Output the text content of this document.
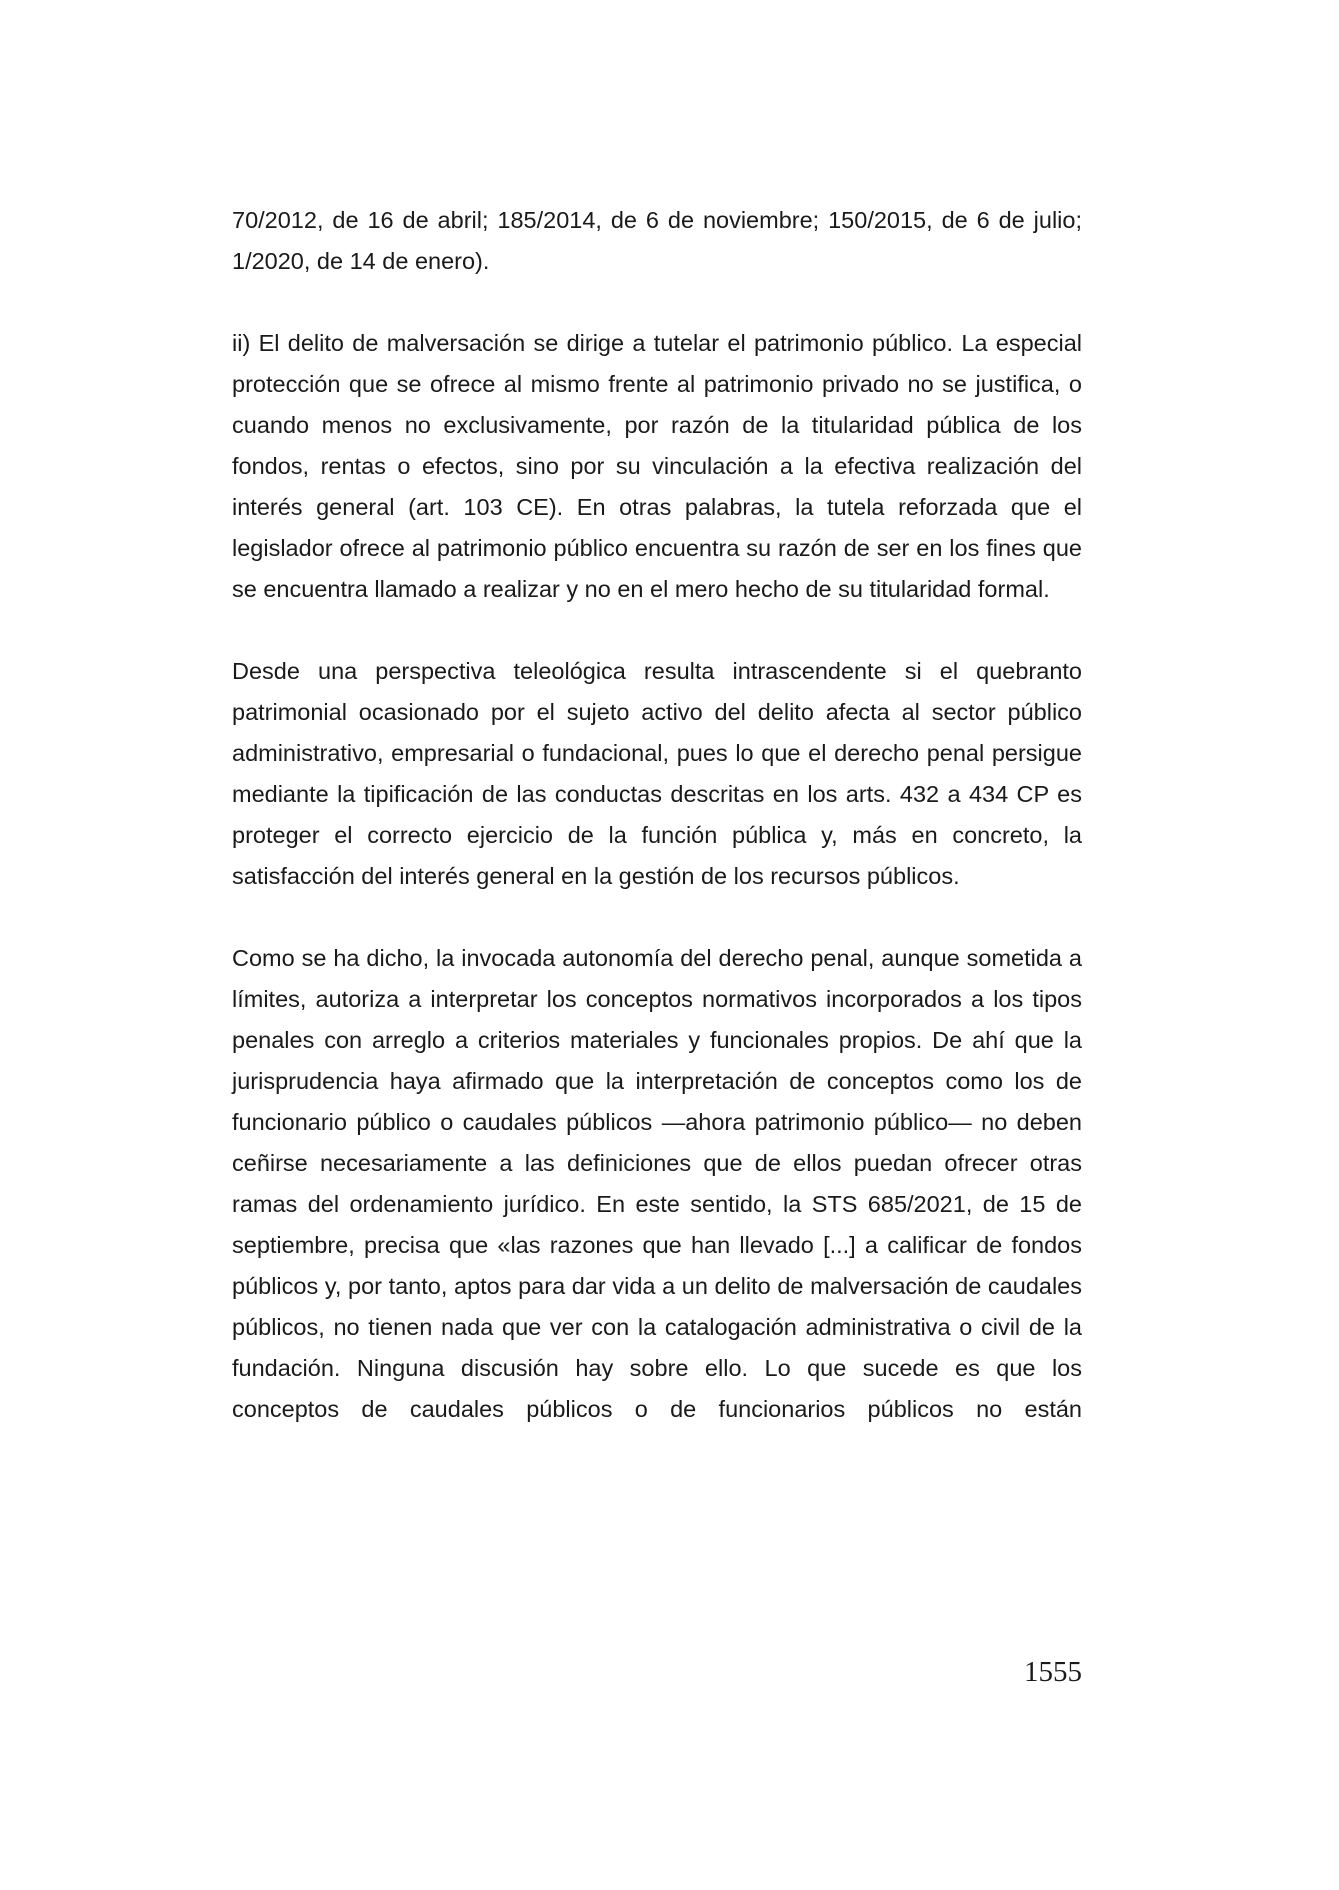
70/2012, de 16 de abril; 185/2014, de 6 de noviembre; 150/2015, de 6 de julio; 1/2020, de 14 de enero).

ii) El delito de malversación se dirige a tutelar el patrimonio público. La especial protección que se ofrece al mismo frente al patrimonio privado no se justifica, o cuando menos no exclusivamente, por razón de la titularidad pública de los fondos, rentas o efectos, sino por su vinculación a la efectiva realización del interés general (art. 103 CE). En otras palabras, la tutela reforzada que el legislador ofrece al patrimonio público encuentra su razón de ser en los fines que se encuentra llamado a realizar y no en el mero hecho de su titularidad formal.

Desde una perspectiva teleológica resulta intrascendente si el quebranto patrimonial ocasionado por el sujeto activo del delito afecta al sector público administrativo, empresarial o fundacional, pues lo que el derecho penal persigue mediante la tipificación de las conductas descritas en los arts. 432 a 434 CP es proteger el correcto ejercicio de la función pública y, más en concreto, la satisfacción del interés general en la gestión de los recursos públicos.

Como se ha dicho, la invocada autonomía del derecho penal, aunque sometida a límites, autoriza a interpretar los conceptos normativos incorporados a los tipos penales con arreglo a criterios materiales y funcionales propios. De ahí que la jurisprudencia haya afirmado que la interpretación de conceptos como los de funcionario público o caudales públicos —ahora patrimonio público— no deben ceñirse necesariamente a las definiciones que de ellos puedan ofrecer otras ramas del ordenamiento jurídico. En este sentido, la STS 685/2021, de 15 de septiembre, precisa que «las razones que han llevado [...] a calificar de fondos públicos y, por tanto, aptos para dar vida a un delito de malversación de caudales públicos, no tienen nada que ver con la catalogación administrativa o civil de la fundación. Ninguna discusión hay sobre ello. Lo que sucede es que los conceptos de caudales públicos o de funcionarios públicos no están

1555
